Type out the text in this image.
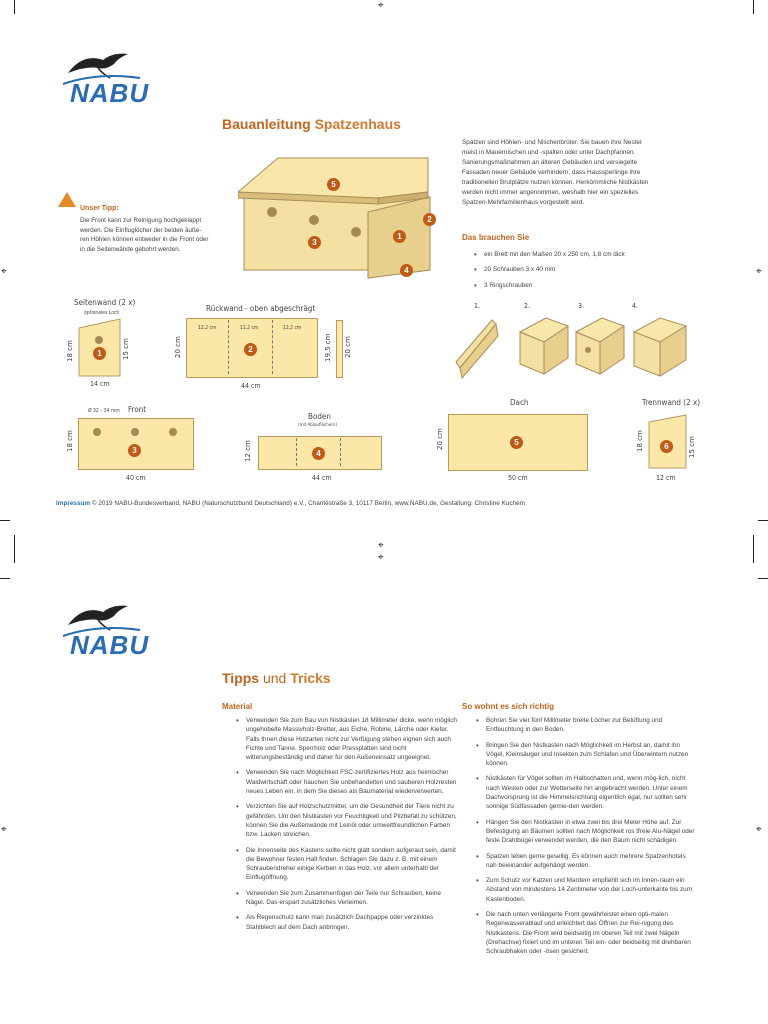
⌖
⌖
⌖
⌖	⌖
⌖	⌖
NABU
Bauanleitung Spatzenhaus
Unser Tipp:
Die Front kann zur Reinigung hochgeklappt werden. Die Einfluglöcher der beiden äuße-ren Höhlen können entweder in die Front oder in die Seitenwände gebohrt werden.
5
3
1
2
4
Spatzen sind Höhlen- und Nischenbrüter. Sie bauen ihre Nester meist in Mauernischen und -spalten oder unter Dachpfannen. Sanierungsmaßnahmen an älteren Gebäuden und versiegelte Fassaden neuer Gebäude verhindern, dass Haussperlinge ihre traditionellen Brutplätze nutzen können. Herkömmliche Nistkästen werden nicht immer angenommen, weshalb hier ein spezielles Spatzen-Mehrfamilienhaus vorgestellt wird.
Das brauchen Sie
• ein Brett mit den Maßen 20 x 250 cm, 1,8 cm dick
• 20 Schrauben 3 x 40 mm
• 3 Ringschrauben
Seitenwand (2 x)
optionales Loch
1
18 cm	15 cm
14 cm
Rückwand - oben abgeschrägt
12,2 cm	11,2 cm	12,2 cm
2
20 cm	19,5 cm 20 cm
44 cm
1.	2.	3.	4.
Ø 32 – 34 mm Front
3
18 cm
40 cm
Boden
(mit Ablauflöchern)
4
12 cm
44 cm
Dach
5
20 cm
50 cm
Trennwand (2 x)
6
18 cm	15 cm
12 cm
Impressum © 2019 NABU-Bundesverband, NABU (Naturschutzbund Deutschland) e.V., Charitéstraße 3, 10117 Berlin, www.NABU.de, Gestaltung: Christine Kuchem
NABU
Tipps und Tricks
Material
• Verwenden Sie zum Bau von Nistkästen 18 Millimeter dicke, wenn möglich ungehobelte Massivholz-Bretter, aus Eiche, Robine, Lärche oder Kiefer. Falls Ihnen diese Holzarten nicht zur Verfügung stehen eignen sich auch Fichte und Tanne. Sperrholz oder Pressplatten sind nicht witterungsbeständig und daher für den Außeneinsatz ungeeignet.
• Verwenden Sie nach Möglichkeit FSC-zertifiziertes Holz aus heimischer Waldwirtschaft oder hauchen Sie unbehandelten und sauberen Holzresten neues Leben ein, in dem Sie dieses als Baumaterial wiederverwerten.
• Verzichten Sie auf Holzschutzmittel, um die Gesundheit der Tiere nicht zu gefährden. Um den Nistkasten vor Feuchtigkeit und Pilzbefall zu schützen, können Sie die Außenwände mit Leinöl oder umweltfreundlichen Farben bzw. Lacken streichen.
• Die Innenseite des Kastens sollte nicht glatt sondern aufgeraut sein, damit die Bewohner festen Halt finden. Schlagen Sie dazu z. B. mit einem Schraubendreher einige Kerben in das Holz, vor allem unterhalb der Einflugöffnung.
• Verwenden Sie zum Zusammenfügen der Teile nur Schrauben, keine Nägel. Das erspart zusätzliches Verleimen.
• Als Regenschutz kann man zusätzlich Dachpappe oder verzinktes Stahlblech auf dem Dach anbringen.
So wohnt es sich richtig
• Bohren Sie vier fünf Millimeter breite Löcher zur Belüftung und Entfeuchtung in den Boden.
• Bringen Sie den Nistkasten nach Möglichkeit im Herbst an, damit ihn Vögel, Kleinsäuger und Insekten zum Schlafen und Überwintern nutzen können.
• Nistkästen für Vögel sollten im Halbschatten und, wenn mög-lich, nicht nach Westen oder zur Wetterseite hin angebracht werden. Unter einem Dachvorsprung ist die Himmelsrichtung eigentlich egal, nur sollten sehr sonnige Südfassaden gemie-den werden.
• Hängen Sie den Nistkasten in etwa zwei bis drei Meter Höhe auf. Zur Befestigung an Bäumen sollten nach Möglichkeit ros tfreie Alu-Nägel oder feste Drahtbügel verwendet werden, die den Baum nicht schädigen.
• Spatzen leben gerne gesellig. Es können auch mehrere Spatzenhotels nah beieinander aufgehängt werden.
• Zum Schutz vor Katzen und Mardern empfiehlt sich im Innen-raum ein Abstand von mindestens 14 Zentimeter von der Loch-unterkante bis zum Kastenboden.
• Die nach unten verlängerte Front gewährleistet einen opti-malen Regenwasserablauf und erleichtert das Öffnen zur Rei-nigung des Nistkastens. Die Front wird beidseitig im oberen Teil mit zwei Nägeln (Drehachse) fixiert und im unteren Teil ein- oder beidseitig mit drehbaren Schraubhaken oder -ösen gesichert.
